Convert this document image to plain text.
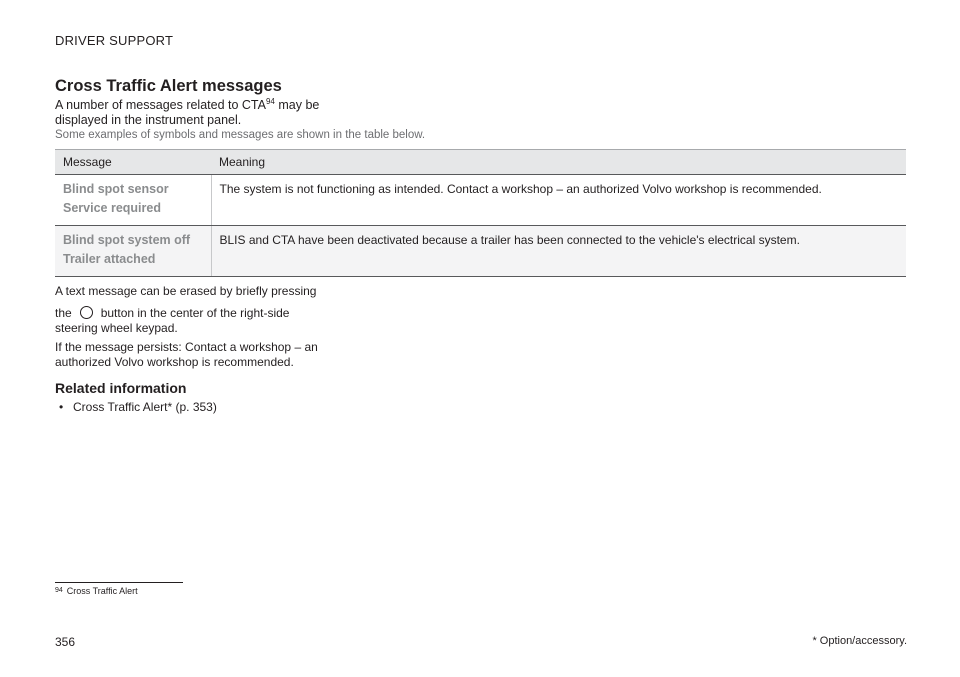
DRIVER SUPPORT
Cross Traffic Alert messages
A number of messages related to CTA$^{94}$ may be displayed in the instrument panel.
Some examples of symbols and messages are shown in the table below.
Message	Meaning

Blind spot sensor
Service required	The system is not functioning as intended. Contact a workshop – an authorized Volvo workshop is recommended.

Blind spot system off
Trailer attached	BLIS and CTA have been deactivated because a trailer has been connected to the vehicle's electrical system.
A text message can be erased by briefly pressing
the button in the center of the right-side steering wheel keypad.
If the message persists: Contact a workshop – an authorized Volvo workshop is recommended.
Related information
• Cross Traffic Alert* (p. 353)
$^{94}$ Cross Traffic Alert
356	* Option/accessory.
